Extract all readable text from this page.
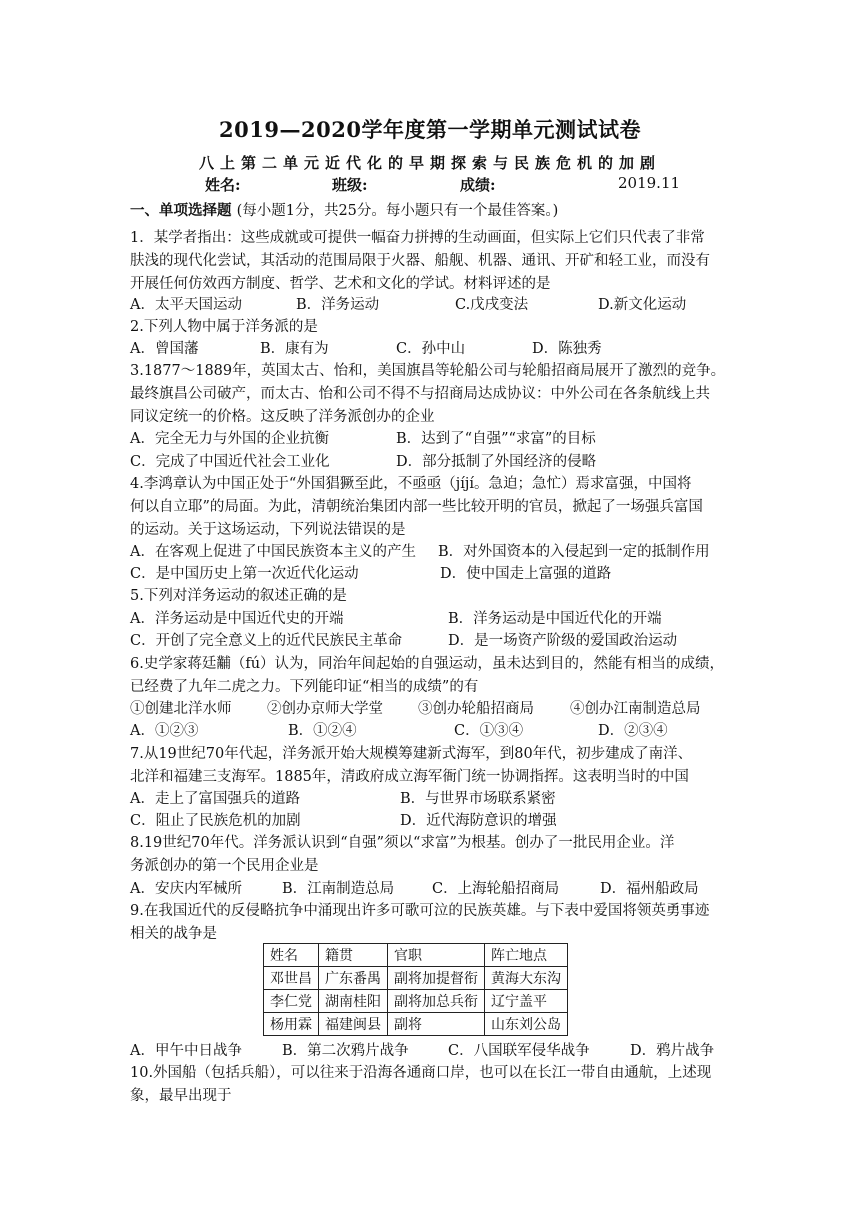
2019—2020学年度第一学期单元测试试卷
八上第二单元近代化的早期探索与民族危机的加剧
姓名:	班级:	成绩:	2019.11
一、单项选择题 (每小题1分，共25分。每小题只有一个最佳答案。)
1．某学者指出：这些成就或可提供一幅奋力拼搏的生动画面，但实际上它们只代表了非常
肤浅的现代化尝试，其活动的范围局限于火器、船舰、机器、通讯、开矿和轻工业，而没有
开展任何仿效西方制度、哲学、艺术和文化的学试。材料评述的是
A．太平天国运动	B．洋务运动	C.戊戌变法	D.新文化运动
2.下列人物中属于洋务派的是
A．曾国藩	B．康有为	C．孙中山	D．陈独秀
3.1877～1889年，英国太古、怡和，美国旗昌等轮船公司与轮船招商局展开了激烈的竞争。
最终旗昌公司破产，而太古、怡和公司不得不与招商局达成协议：中外公司在各条航线上共
同议定统一的价格。这反映了洋务派创办的企业
A．完全无力与外国的企业抗衡	B．达到了“自强”“求富”的目标
C．完成了中国近代社会工业化	D．部分抵制了外国经济的侵略
4.李鸿章认为中国正处于“外国猖獗至此，不亟亟（jíjí。急迫；急忙）焉求富强，中国将
何以自立耶”的局面。为此，清朝统治集团内部一些比较开明的官员，掀起了一场强兵富国
的运动。关于这场运动，下列说法错误的是
A．在客观上促进了中国民族资本主义的产生 B．对外国资本的入侵起到一定的抵制作用
C．是中国历史上第一次近代化运动	D．使中国走上富强的道路
5.下列对洋务运动的叙述正确的是
A．洋务运动是中国近代史的开端	B．洋务运动是中国近代化的开端
C．开创了完全意义上的近代民族民主革命	D．是一场资产阶级的爱国政治运动
6.史学家蒋廷黼（fú）认为，同治年间起始的自强运动，虽未达到目的，然能有相当的成绩，
已经费了九年二虎之力。下列能印证“相当的成绩”的有
①创建北洋水师 ②创办京师大学堂 ③创办轮船招商局 ④创办江南制造总局
A．①②③	B．①②④	C．①③④	D．②③④
7.从19世纪70年代起，洋务派开始大规模筹建新式海军，到80年代，初步建成了南洋、
北洋和福建三支海军。1885年，清政府成立海军衙门统一协调指挥。这表明当时的中国
A．走上了富国强兵的道路	B．与世界市场联系紧密
C．阻止了民族危机的加剧	D．近代海防意识的增强
8.19世纪70年代。洋务派认识到“自强”须以“求富”为根基。创办了一批民用企业。洋
务派创办的第一个民用企业是
A．安庆内军械所	B．江南制造总局	C．上海轮船招商局	D．福州船政局
9.在我国近代的反侵略抗争中涌现出许多可歌可泣的民族英雄。与下表中爱国将领英勇事迹
相关的战争是
姓名	籍贯	官职	阵亡地点
邓世昌	广东番禺	副将加提督衔	黄海大东沟
李仁党	湖南桂阳	副将加总兵衔	辽宁盖平
杨用霖	福建闽县	副将	山东刘公岛
A．甲午中日战争	B．第二次鸦片战争	C．八国联军侵华战争	D．鸦片战争
10.外国船（包括兵船），可以往来于沿海各通商口岸，也可以在长江一带自由通航，上述现
象，最早出现于
